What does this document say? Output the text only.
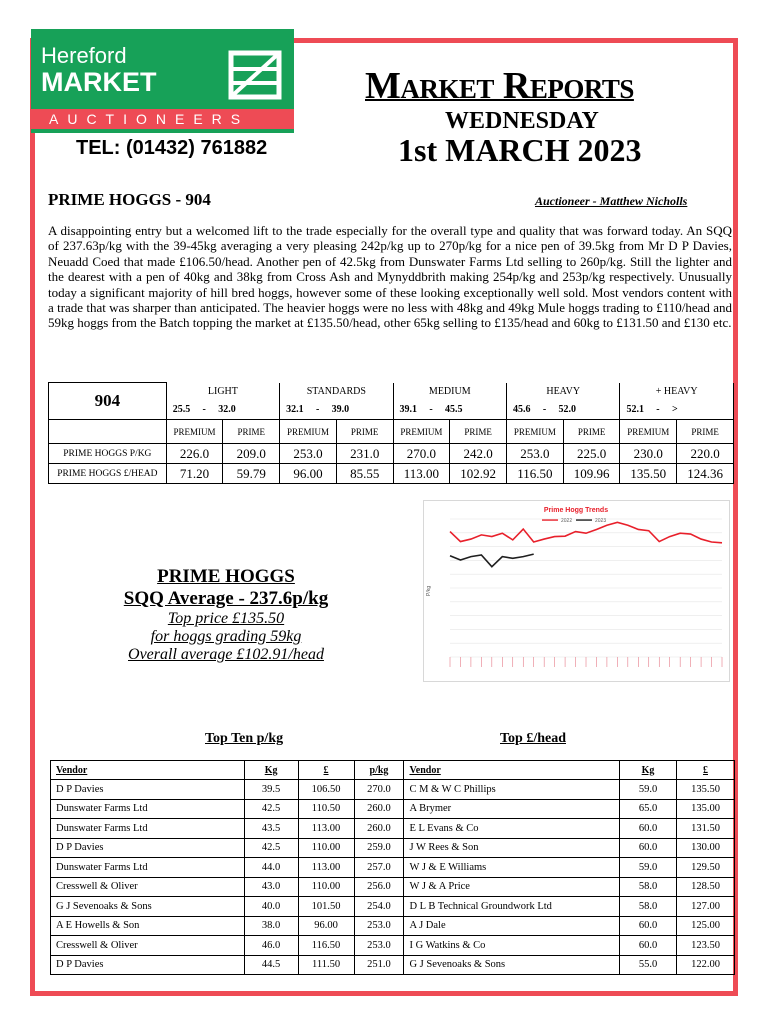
Hereford
MARKET
AUCTIONEERS
TEL: (01432) 761882
Market Reports
WEDNESDAY
1st MARCH 2023
PRIME HOGGS - 904	Auctioneer - Matthew Nicholls
A disappointing entry but a welcomed lift to the trade especially for the overall type and quality that was forward today. An SQQ of 237.63p/kg with the 39-45kg averaging a very pleasing 242p/kg up to 270p/kg for a nice pen of 39.5kg from Mr D P Davies, Neuadd Coed that made £106.50/head. Another pen of 42.5kg from Dunswater Farms Ltd selling to 260p/kg. Still the lighter and the dearest with a pen of 40kg and 38kg from Cross Ash and Mynyddbrith making 254p/kg and 253p/kg respectively. Unusually today a significant majority of hill bred hoggs, however some of these looking exceptionally well sold. Most vendors content with a trade that was sharper than anticipated. The heavier hoggs were no less with 48kg and 49kg Mule hoggs trading to £110/head and 59kg hoggs from the Batch topping the market at £135.50/head, other 65kg selling to £135/head and 60kg to £131.50 and £130 etc.
904	LIGHT		STANDARDS		MEDIUM		HEAVY		+ HEAVY	
	25.5 - 32.0		32.1 - 39.0		39.1 - 45.5		45.6 - 52.0		52.1 - >	
	PREMIUM	PRIME	PREMIUM	PRIME	PREMIUM	PRIME	PREMIUM	PRIME	PREMIUM	PRIME
PRIME HOGGS P/KG	226.0	209.0	253.0	231.0	270.0	242.0	253.0	225.0	230.0	220.0
PRIME HOGGS £/HEAD	71.20	59.79	96.00	85.55	113.00	102.92	116.50	109.96	135.50	124.36
Prime Hogg Trends
2022	2023
P/kg
PRIME HOGGS
SQQ Average - 237.6p/kg
Top price £135.50
for hoggs grading 59kg
Overall average £102.91/head
Top Ten p/kg	Top £/head
Vendor	Kg	£	p/kg	Vendor	Kg	£
D P Davies	39.5	106.50	270.0	C M & W C Phillips	59.0	135.50
Dunswater Farms Ltd	42.5	110.50	260.0	A Brymer	65.0	135.00
Dunswater Farms Ltd	43.5	113.00	260.0	E L Evans & Co	60.0	131.50
D P Davies	42.5	110.00	259.0	J W Rees & Son	60.0	130.00
Dunswater Farms Ltd	44.0	113.00	257.0	W J & E Williams	59.0	129.50
Cresswell & Oliver	43.0	110.00	256.0	W J & A Price	58.0	128.50
G J Sevenoaks & Sons	40.0	101.50	254.0	D L B Technical Groundwork Ltd	58.0	127.00
A E Howells & Son	38.0	96.00	253.0	A J Dale	60.0	125.00
Cresswell & Oliver	46.0	116.50	253.0	I G Watkins & Co	60.0	123.50
D P Davies	44.5	111.50	251.0	G J Sevenoaks & Sons	55.0	122.00
